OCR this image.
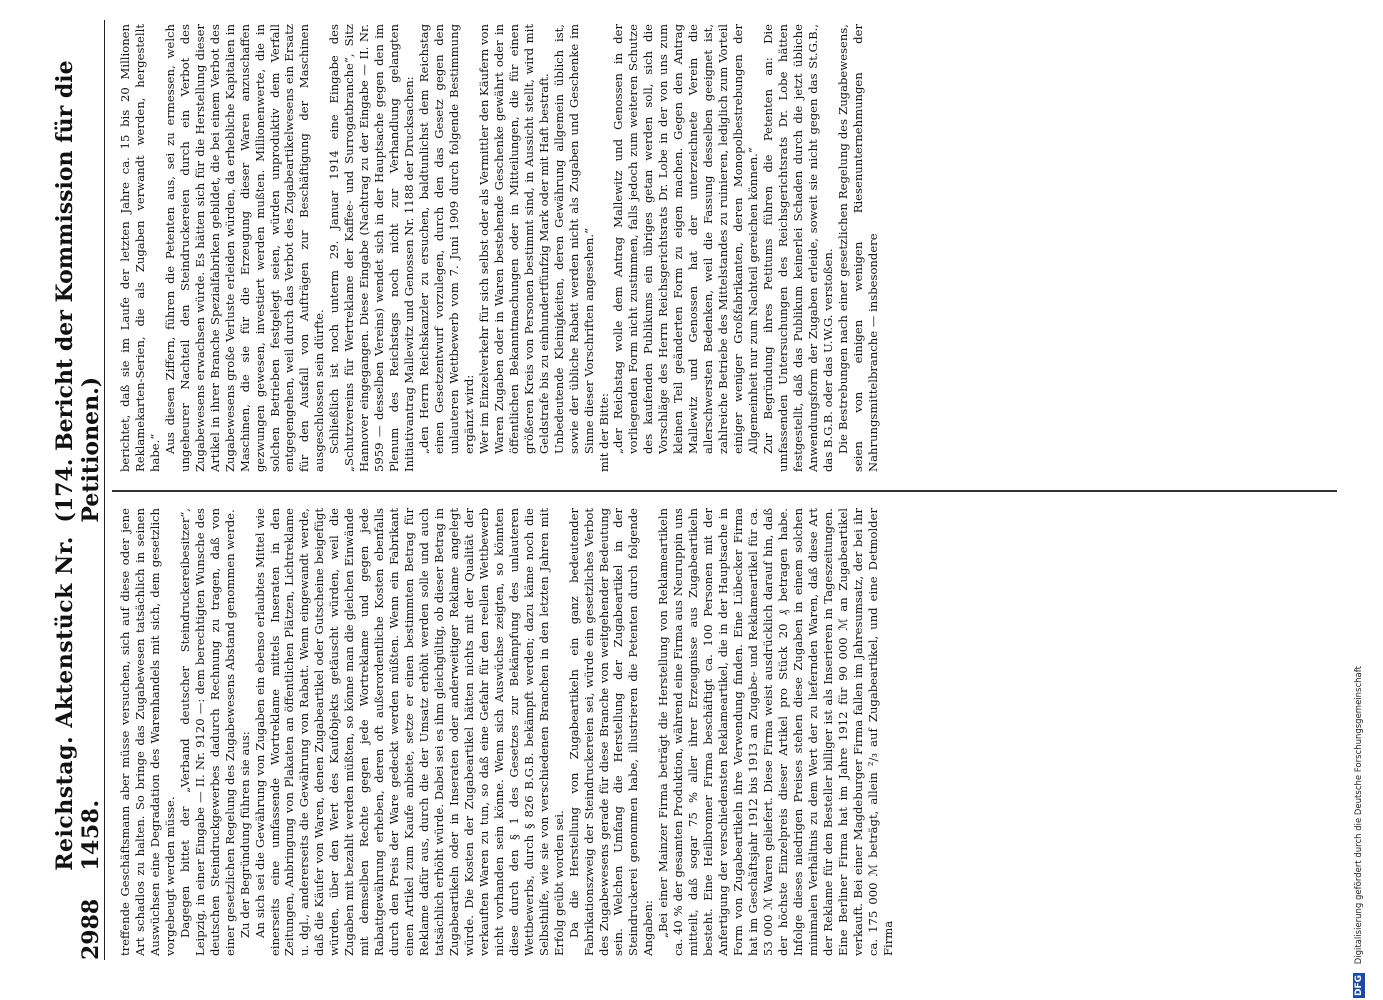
2988
Reichstag. Aktenstück Nr. 1458.
(174. Bericht der Kommission für die Petitionen.)

treffende Geschäftsmann aber müsse versuchen, sich auf diese oder jene Art schadlos zu halten. So bringe das Zugabewesen tatsächlich in seinen Auswüchsen eine Degradation des Warenhandels mit sich, dem gesetzlich vorgebeugt werden müsse. Dagegen bittet der „Verband deutscher Steindruckereibesitzer“, Leipzig, in einer Eingabe — II. Nr. 9120 —: dem berechtigten Wunsche des deutschen Steindruckgewerbes dadurch Rechnung zu tragen, daß von einer gesetzlichen Regelung des Zugabewesens Abstand genommen werde. Zu der Begründung führen sie aus: An sich sei die Gewährung von Zugaben ein ebenso erlaubtes Mittel wie einerseits eine umfassende Wortreklame mittels Inseraten in den Zeitungen, Anbringung von Plakaten an öffentlichen Plätzen, Lichtreklame u. dgl., andererseits die Gewährung von Rabatt. Wenn eingewandt werde, daß die Käufer von Waren, denen Zugabeartikel oder Gutscheine beigefügt würden, über den Wert des Kaufobjekts getäuscht würden, weil die Zugaben mit bezahlt werden müßten, so könne man die gleichen Einwände mit demselben Rechte gegen jede Wortreklame und gegen jede Rabattgewährung erheben, deren oft außerordentliche Kosten ebenfalls durch den Preis der Ware gedeckt werden müßten. Wenn ein Fabrikant einen Artikel zum Kaufe anbiete, setze er einen bestimmten Betrag für Reklame dafür aus, durch die der Umsatz erhöht werden solle und auch tatsächlich erhöht würde. Dabei sei es ihm gleichgültig, ob dieser Betrag in Zugabeartikeln oder in Inseraten oder anderweitiger Reklame angelegt würde. Die Kosten der Zugabeartikel hätten nichts mit der Qualität der verkauften Waren zu tun, so daß eine Gefahr für den reellen Wettbewerb nicht vorhanden sein könne. Wenn sich Auswüchse zeigten, so könnten diese durch den § 1 des Gesetzes zur Bekämpfung des unlauteren Wettbewerbs, durch § 826 B.G.B. bekämpft werden; dazu käme noch die Selbsthilfe, wie sie von verschiedenen Branchen in den letzten Jahren mit Erfolg geübt worden sei. Da die Herstellung von Zugabeartikeln ein ganz bedeutender Fabrikationszweig der Steindruckereien sei, würde ein gesetzliches Verbot des Zugabewesens gerade für diese Branche von weitgehender Bedeutung sein. Welchen Umfang die Herstellung der Zugabeartikel in der Steindruckerei genommen habe, illustrieren die Petenten durch folgende Angaben: „Bei einer Mainzer Firma beträgt die Herstellung von Reklameartikeln ca. 40 % der gesamten Produktion, während eine Firma aus Neuruppin uns mitteilt, daß sogar 75 % aller ihrer Erzeugnisse aus Zugabeartikeln besteht. Eine Heilbronner Firma beschäftigt ca. 100 Personen mit der Anfertigung der verschiedensten Reklameartikel, die in der Hauptsache in Form von Zugabeartikeln ihre Verwendung finden. Eine Lübecker Firma hat im Geschäftsjahr 1912 bis 1913 an Zugabe- und Reklameartikel für ca. 53 000 ℳ Waren geliefert. Diese Firma weist ausdrücklich darauf hin, daß der höchste Einzelpreis dieser Artikel pro Stück 20 ₰ betragen habe. Infolge dieses niedrigen Preises stehen diese Zugaben in einem solchen minimalen Verhältnis zu dem Wert der zu liefernden Waren, daß diese Art der Reklame für den Besteller billiger ist als Inserieren in Tageszeitungen. Eine Berliner Firma hat im Jahre 1912 für 90 000 ℳ an Zugabeartikel verkauft. Bei einer Magdeburger Firma fallen im Jahresumsatz, der bei ihr ca. 175 000 ℳ beträgt, allein ²/₃ auf Zugabeartikel, und eine Detmolder Firma

berichtet, daß sie im Laufe der letzten Jahre ca. 15 bis 20 Millionen Reklamekarten-Serien, die als Zugaben verwandt werden, hergestellt habe.“ Aus diesen Ziffern, führen die Petenten aus, sei zu ermessen, welch ungeheurer Nachteil den Steindruckereien durch ein Verbot des Zugabewesens erwachsen würde. Es hätten sich für die Herstellung dieser Artikel in ihrer Branche Spezialfabriken gebildet, die bei einem Verbot des Zugabewesens große Verluste erleiden würden, da erhebliche Kapitalien in Maschinen, die sie für die Erzeugung dieser Waren anzuschaffen gezwungen gewesen, investiert werden mußten. Millionenwerte, die in solchen Betrieben festgelegt seien, würden unproduktiv dem Verfall entgegengehen, weil durch das Verbot des Zugabeartikelwesens ein Ersatz für den Ausfall von Aufträgen zur Beschäftigung der Maschinen ausgeschlossen sein dürfte. Schließlich ist noch unterm 29. Januar 1914 eine Eingabe des „Schutzvereins für Wertreklame der Kaffee- und Surrogatbranche“, Sitz Hannover eingegangen. Diese Eingabe (Nachtrag zu der Eingabe — II. Nr. 5959 — desselben Vereins) wendet sich in der Hauptsache gegen den im Plenum des Reichstags noch nicht zur Verhandlung gelangten Initiativantrag Mallewitz und Genossen Nr. 1188 der Drucksachen: „den Herrn Reichskanzler zu ersuchen, baldtunlichst dem Reichstag einen Gesetzentwurf vorzulegen, durch den das Gesetz gegen den unlauteren Wettbewerb vom 7. Juni 1909 durch folgende Bestimmung ergänzt wird: Wer im Einzelverkehr für sich selbst oder als Vermittler den Käufern von Waren Zugaben oder in Waren bestehende Geschenke gewährt oder in öffentlichen Bekanntmachungen oder in Mitteilungen, die für einen größeren Kreis von Personen bestimmt sind, in Aussicht stellt, wird mit Geldstrafe bis zu einhundertfünfzig Mark oder mit Haft bestraft. Unbedeutende Kleinigkeiten, deren Gewährung allgemein üblich ist, sowie der übliche Rabatt werden nicht als Zugaben und Geschenke im Sinne dieser Vorschriften angesehen.“ mit der Bitte: „der Reichstag wolle dem Antrag Mallewitz und Genossen in der vorliegenden Form nicht zustimmen, falls jedoch zum weiteren Schutze des kaufenden Publikums ein übriges getan werden soll, sich die Vorschläge des Herrn Reichsgerichtsrats Dr. Lobe in der von uns zum kleinen Teil geänderten Form zu eigen machen. Gegen den Antrag Mallewitz und Genossen hat der unterzeichnete Verein die allerschwersten Bedenken, weil die Fassung desselben geeignet ist, zahlreiche Betriebe des Mittelstandes zu ruinieren, lediglich zum Vorteil einiger weniger Großfabrikanten, deren Monopolbestrebungen der Allgemeinheit nur zum Nachteil gereichen können.“ Zur Begründung ihres Petitums führen die Petenten an: Die umfassenden Untersuchungen des Reichsgerichtsrats Dr. Lobe hätten festgestellt, daß das Publikum keinerlei Schaden durch die jetzt übliche Anwendungsform der Zugaben erleide, soweit sie nicht gegen das St.G.B., das B.G.B. oder das U.W.G. verstoßen. Die Bestrebungen nach einer gesetzlichen Regelung des Zugabewesens, seien von einigen wenigen Riesenunternehmungen der Nahrungsmittelbranche — insbesondere

DFG Digitalisierung gefördert durch die Deutsche Forschungsgemeinschaft
